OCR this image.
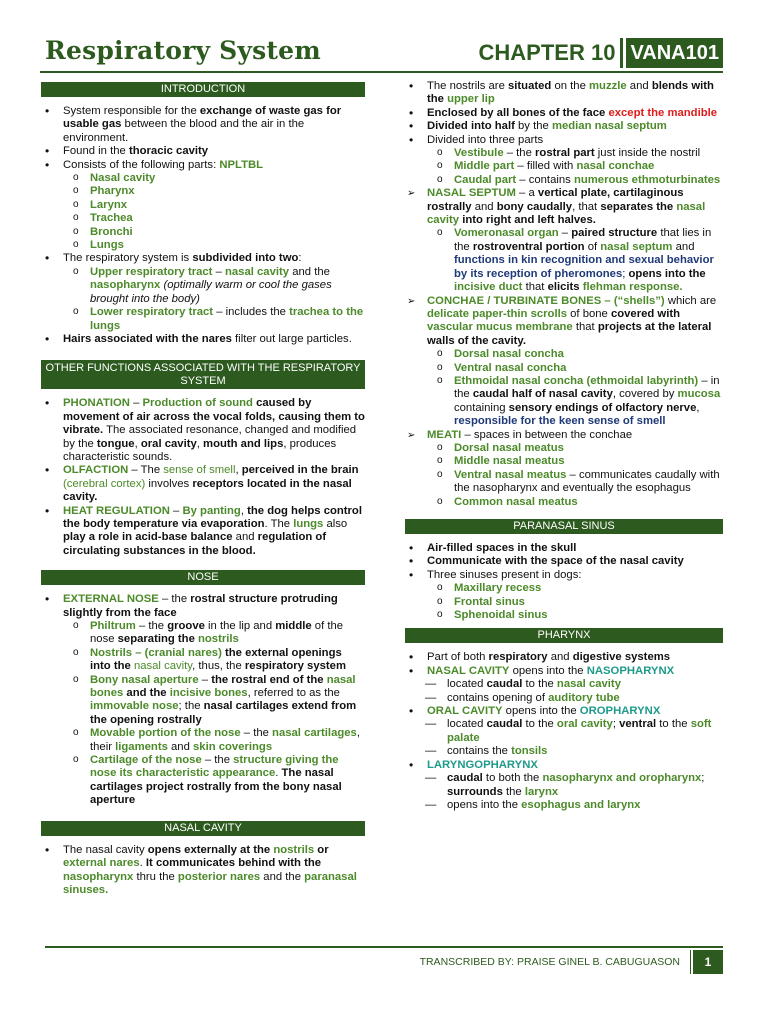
Respiratory System	CHAPTER 10 VANA101
INTRODUCTION

• System responsible for the exchange of waste gas for usable gas between the blood and the air in the environment.

• Found in the thoracic cavity

• Consists of the following parts: NPLTBL

o Nasal cavity

o Pharynx

o Larynx

o Trachea

o Bronchi

o Lungs

• The respiratory system is subdivided into two:

o Upper respiratory tract – nasal cavity and the nasopharynx (optimally warm or cool the gases brought into the body)

o Lower respiratory tract – includes the trachea to the lungs

• Hairs associated with the nares filter out large particles.

OTHER FUNCTIONS ASSOCIATED WITH THE RESPIRATORY SYSTEM

• PHONATION – Production of sound caused by movement of air across the vocal folds, causing them to vibrate. The associated resonance, changed and modified by the tongue, oral cavity, mouth and lips, produces characteristic sounds.

• OLFACTION – The sense of smell, perceived in the brain (cerebral cortex) involves receptors located in the nasal cavity.

• HEAT REGULATION – By panting, the dog helps control the body temperature via evaporation. The lungs also play a role in acid-base balance and regulation of circulating substances in the blood.

NOSE

• EXTERNAL NOSE – the rostral structure protruding slightly from the face

o Philtrum – the groove in the lip and middle of the nose separating the nostrils

o Nostrils – (cranial nares) the external openings into the nasal cavity, thus, the respiratory system

o Bony nasal aperture – the rostral end of the nasal bones and the incisive bones, referred to as the immovable nose; the nasal cartilages extend from the opening rostrally

o Movable portion of the nose – the nasal cartilages, their ligaments and skin coverings

o Cartilage of the nose – the structure giving the nose its characteristic appearance. The nasal cartilages project rostrally from the bony nasal aperture

NASAL CAVITY

• The nasal cavity opens externally at the nostrils or external nares. It communicates behind with the nasopharynx thru the posterior nares and the paranasal sinuses.

• The nostrils are situated on the muzzle and blends with the upper lip

• Enclosed by all bones of the face except the mandible

• Divided into half by the median nasal septum

• Divided into three parts

o Vestibule – the rostral part just inside the nostril

o Middle part – filled with nasal conchae

o Caudal part – contains numerous ethmoturbinates

➢ NASAL SEPTUM – a vertical plate, cartilaginous rostrally and bony caudally, that separates the nasal cavity into right and left halves.

o Vomeronasal organ – paired structure that lies in the rostroventral portion of nasal septum and functions in kin recognition and sexual behavior by its reception of pheromones; opens into the incisive duct that elicits flehman response.

➢ CONCHAE / TURBINATE BONES – (“shells”) which are delicate paper-thin scrolls of bone covered with vascular mucus membrane that projects at the lateral walls of the cavity.

o Dorsal nasal concha

o Ventral nasal concha

o Ethmoidal nasal concha (ethmoidal labyrinth) – in the caudal half of nasal cavity, covered by mucosa containing sensory endings of olfactory nerve, responsible for the keen sense of smell

➢ MEATI – spaces in between the conchae

o Dorsal nasal meatus

o Middle nasal meatus

o Ventral nasal meatus – communicates caudally with the nasopharynx and eventually the esophagus

o Common nasal meatus

PARANASAL SINUS

• Air-filled spaces in the skull

• Communicate with the space of the nasal cavity

• Three sinuses present in dogs:

o Maxillary recess

o Frontal sinus

o Sphenoidal sinus

PHARYNX

• Part of both respiratory and digestive systems

• NASAL CAVITY opens into the NASOPHARYNX

— located caudal to the nasal cavity

— contains opening of auditory tube

• ORAL CAVITY opens into the OROPHARYNX

— located caudal to the oral cavity; ventral to the soft palate

— contains the tonsils

• LARYNGOPHARYNX

— caudal to both the nasopharynx and oropharynx; surrounds the larynx

— opens into the esophagus and larynx

TRANSCRIBED BY: PRAISE GINEL B. CABUGUASON	1
